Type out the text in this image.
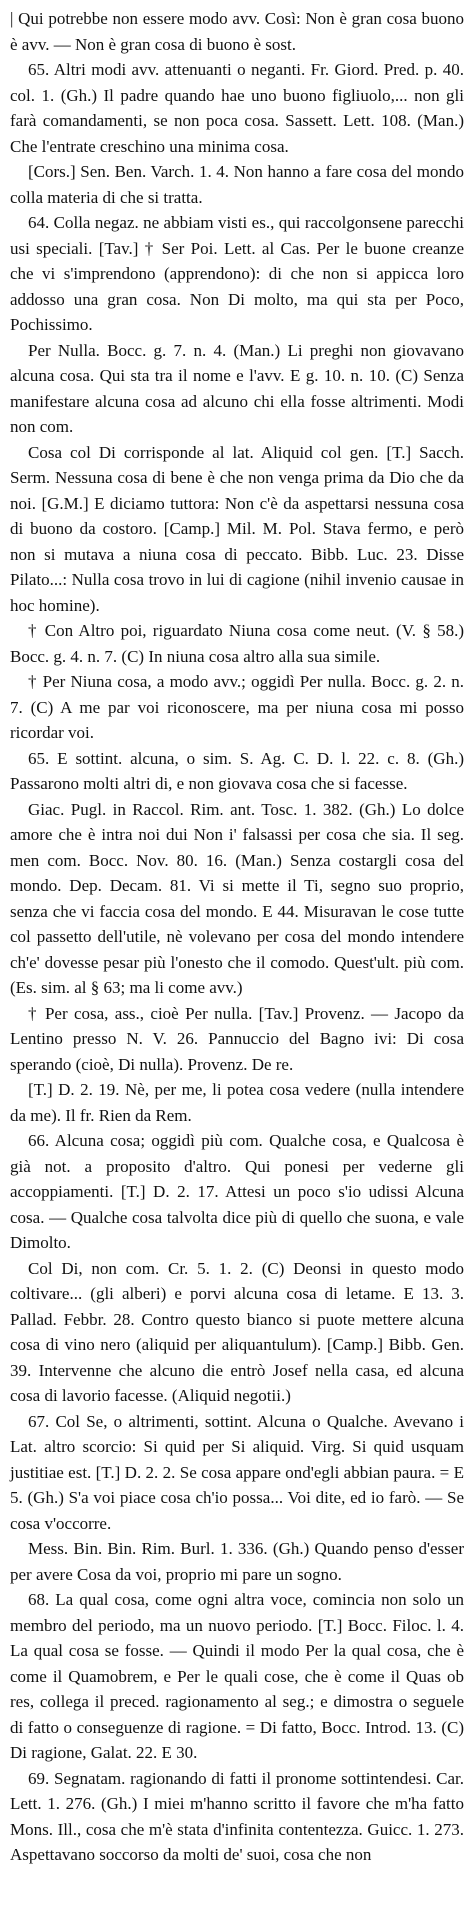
| Qui potrebbe non essere modo avv. Così: Non è gran cosa buono è avv. — Non è gran cosa di buono è sost.

65. Altri modi avv. attenuanti o neganti. Fr. Giord. Pred. p. 40. col. 1. (Gh.) Il padre quando hae uno buono figliuolo,... non gli farà comandamenti, se non poca cosa. Sassett. Lett. 108. (Man.) Che l'entrate creschino una minima cosa.

[Cors.] Sen. Ben. Varch. 1. 4. Non hanno a fare cosa del mondo colla materia di che si tratta.

64. Colla negaz. ne abbiam visti es., qui raccolgonsene parecchi usi speciali. [Tav.] † Ser Poi. Lett. al Cas. Per le buone creanze che vi s'imprendono (apprendono): di che non si appicca loro addosso una gran cosa. Non Di molto, ma qui sta per Poco, Pochissimo.

Per Nulla. Bocc. g. 7. n. 4. (Man.) Li preghi non giovavano alcuna cosa. Qui sta tra il nome e l'avv. E g. 10. n. 10. (C) Senza manifestare alcuna cosa ad alcuno chi ella fosse altrimenti. Modi non com.

Cosa col Di corrisponde al lat. Aliquid col gen. [T.] Sacch. Serm. Nessuna cosa di bene è che non venga prima da Dio che da noi. [G.M.] E diciamo tuttora: Non c'è da aspettarsi nessuna cosa di buono da costoro. [Camp.] Mil. M. Pol. Stava fermo, e però non si mutava a niuna cosa di peccato. Bibb. Luc. 23. Disse Pilato...: Nulla cosa trovo in lui di cagione (nihil invenio causae in hoc homine).

† Con Altro poi, riguardato Niuna cosa come neut. (V. § 58.) Bocc. g. 4. n. 7. (C) In niuna cosa altro alla sua simile.

† Per Niuna cosa, a modo avv.; oggidì Per nulla. Bocc. g. 2. n. 7. (C) A me par voi riconoscere, ma per niuna cosa mi posso ricordar voi.

65. E sottint. alcuna, o sim. S. Ag. C. D. l. 22. c. 8. (Gh.) Passarono molti altri di, e non giovava cosa che si facesse.

Giac. Pugl. in Raccol. Rim. ant. Tosc. 1. 382. (Gh.) Lo dolce amore che è intra noi dui Non i' falsassi per cosa che sia. Il seg. men com. Bocc. Nov. 80. 16. (Man.) Senza costargli cosa del mondo. Dep. Decam. 81. Vi si mette il Ti, segno suo proprio, senza che vi faccia cosa del mondo. E 44. Misuravan le cose tutte col passetto dell'utile, nè volevano per cosa del mondo intendere ch'e' dovesse pesar più l'onesto che il comodo. Quest'ult. più com. (Es. sim. al § 63; ma li come avv.)

† Per cosa, ass., cioè Per nulla. [Tav.] Provenz. — Jacopo da Lentino presso N. V. 26. Pannuccio del Bagno ivi: Di cosa sperando (cioè, Di nulla). Provenz. De re.

[T.] D. 2. 19. Nè, per me, li potea cosa vedere (nulla intendere da me). Il fr. Rien da Rem.

66. Alcuna cosa; oggidì più com. Qualche cosa, e Qualcosa è già not. a proposito d'altro. Qui ponesi per vederne gli accoppiamenti. [T.] D. 2. 17. Attesi un poco s'io udissi Alcuna cosa. — Qualche cosa talvolta dice più di quello che suona, e vale Dimolto.

Col Di, non com. Cr. 5. 1. 2. (C) Deonsi in questo modo coltivare... (gli alberi) e porvi alcuna cosa di letame. E 13. 3. Pallad. Febbr. 28. Contro questo bianco si puote mettere alcuna cosa di vino nero (aliquid per aliquantulum). [Camp.] Bibb. Gen. 39. Intervenne che alcuno die entrò Josef nella casa, ed alcuna cosa di lavorio facesse. (Aliquid negotii.)

67. Col Se, o altrimenti, sottint. Alcuna o Qualche. Avevano i Lat. altro scorcio: Si quid per Si aliquid. Virg. Si quid usquam justitiae est. [T.] D. 2. 2. Se cosa appare ond'egli abbian paura. = E 5. (Gh.) S'a voi piace cosa ch'io possa... Voi dite, ed io farò. — Se cosa v'occorre.

Mess. Bin. Bin. Rim. Burl. 1. 336. (Gh.) Quando penso d'esser per avere Cosa da voi, proprio mi pare un sogno.

68. La qual cosa, come ogni altra voce, comincia non solo un membro del periodo, ma un nuovo periodo. [T.] Bocc. Filoc. l. 4. La qual cosa se fosse. — Quindi il modo Per la qual cosa, che è come il Quamobrem, e Per le quali cose, che è come il Quas ob res, collega il preced. ragionamento al seg.; e dimostra o seguele di fatto o conseguenze di ragione. = Di fatto, Bocc. Introd. 13. (C) Di ragione, Galat. 22. E 30.

69. Segnatam. ragionando di fatti il pronome sottintendesi. Car. Lett. 1. 276. (Gh.) I miei m'hanno scritto il favore che m'ha fatto Mons. Ill., cosa che m'è stata d'infinita contentezza. Guicc. 1. 273. Aspettavano soccorso da molti de' suoi, cosa che non
